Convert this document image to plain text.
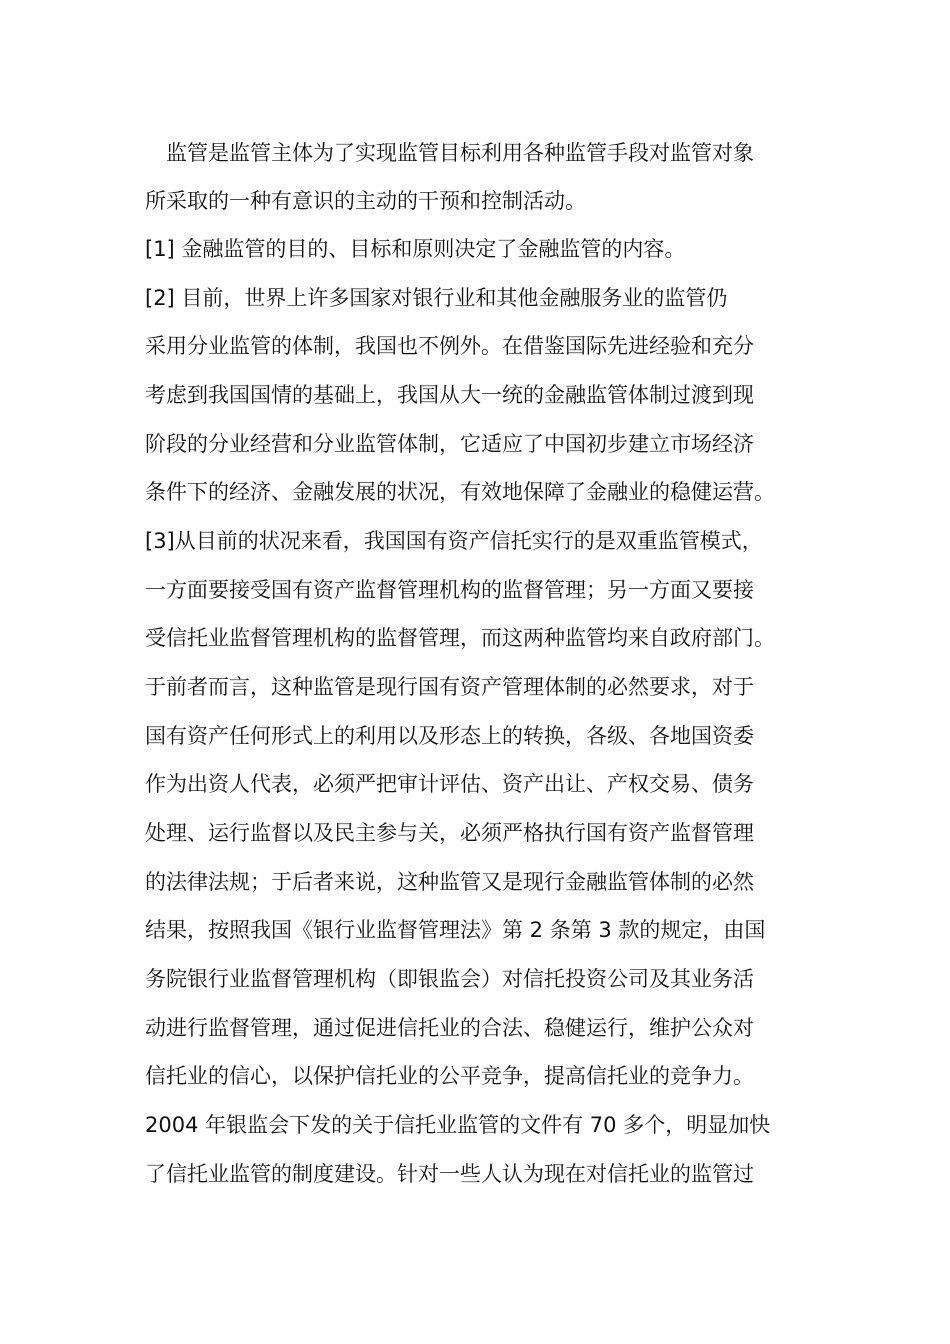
　监管是监管主体为了实现监管目标利用各种监管手段对监管对象
所采取的一种有意识的主动的干预和控制活动。
[1] 金融监管的目的、目标和原则决定了金融监管的内容。
[2] 目前，世界上许多国家对银行业和其他金融服务业的监管仍
采用分业监管的体制，我国也不例外。在借鉴国际先进经验和充分
考虑到我国国情的基础上，我国从大一统的金融监管体制过渡到现
阶段的分业经营和分业监管体制，它适应了中国初步建立市场经济
条件下的经济、金融发展的状况，有效地保障了金融业的稳健运营。
[3]从目前的状况来看，我国国有资产信托实行的是双重监管模式，
一方面要接受国有资产监督管理机构的监督管理；另一方面又要接
受信托业监督管理机构的监督管理，而这两种监管均来自政府部门。
于前者而言，这种监管是现行国有资产管理体制的必然要求，对于
国有资产任何形式上的利用以及形态上的转换，各级、各地国资委
作为出资人代表，必须严把审计评估、资产出让、产权交易、债务
处理、运行监督以及民主参与关，必须严格执行国有资产监督管理
的法律法规；于后者来说，这种监管又是现行金融监管体制的必然
结果，按照我国《银行业监督管理法》第 2 条第 3 款的规定，由国
务院银行业监督管理机构（即银监会）对信托投资公司及其业务活
动进行监督管理，通过促进信托业的合法、稳健运行，维护公众对
信托业的信心，以保护信托业的公平竞争，提高信托业的竞争力。
2004 年银监会下发的关于信托业监管的文件有 70 多个，明显加快
了信托业监管的制度建设。针对一些人认为现在对信托业的监管过
